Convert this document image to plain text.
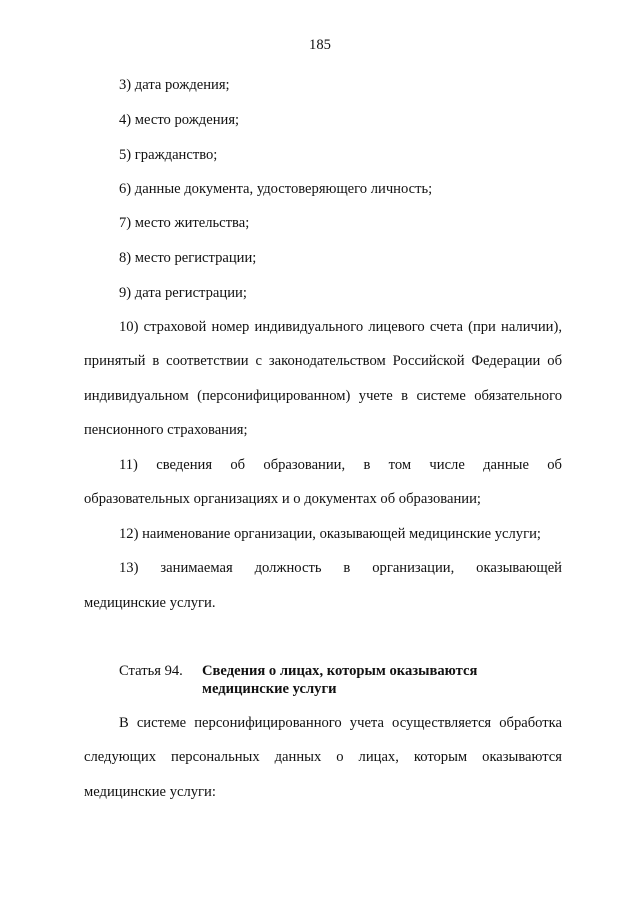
185
3) дата рождения;
4) место рождения;
5) гражданство;
6) данные документа, удостоверяющего личность;
7) место жительства;
8) место регистрации;
9) дата регистрации;
10) страховой номер индивидуального лицевого счета (при наличии),
принятый в соответствии с законодательством Российской Федерации об
индивидуальном (персонифицированном) учете в системе обязательного
пенсионного страхования;
11) сведения об образовании, в том числе данные об
образовательных организациях и о документах об образовании;
12) наименование организации, оказывающей медицинские услуги;
13) занимаемая должность в организации, оказывающей
медицинские услуги.
Статья 94. Сведения о лицах, которым оказываются
медицинские услуги
В системе персонифицированного учета осуществляется обработка
следующих персональных данных о лицах, которым оказываются
медицинские услуги:
